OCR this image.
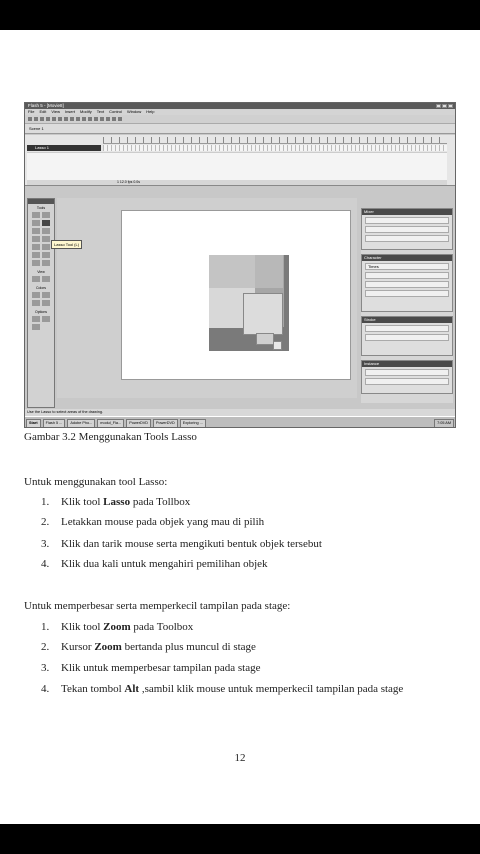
Flash 5 - [Movie8]
File Edit View Insert Modify Text Control Window Help
Scene 1
Lasso 1
1 12.0 fps 0.0s
Tools
View
Colors
Options
Lasso Tool (L)
Mixer
Character
Times
Stroke
Instance
Use the Lasso to select areas of the drawing.
Start	Flash 5 ...	Adobe Pho...	modul_Fla...	PowerDVD	PowerDVD	Exploring ...	7:05 AM
Gambar 3.2 Menggunakan Tools Lasso
Untuk menggunakan tool Lasso:
1. Klik tool Lasso pada Tollbox
2. Letakkan mouse pada objek yang mau di pilih
3. Klik dan tarik mouse serta mengikuti bentuk objek tersebut
4. Klik dua kali untuk mengahiri pemilihan objek
Untuk memperbesar serta memperkecil tampilan pada stage:
1. Klik tool Zoom pada Toolbox
2. Kursor Zoom bertanda plus muncul di stage
3. Klik untuk memperbesar tampilan pada stage
4. Tekan tombol Alt ,sambil klik mouse untuk memperkecil tampilan pada stage
12
